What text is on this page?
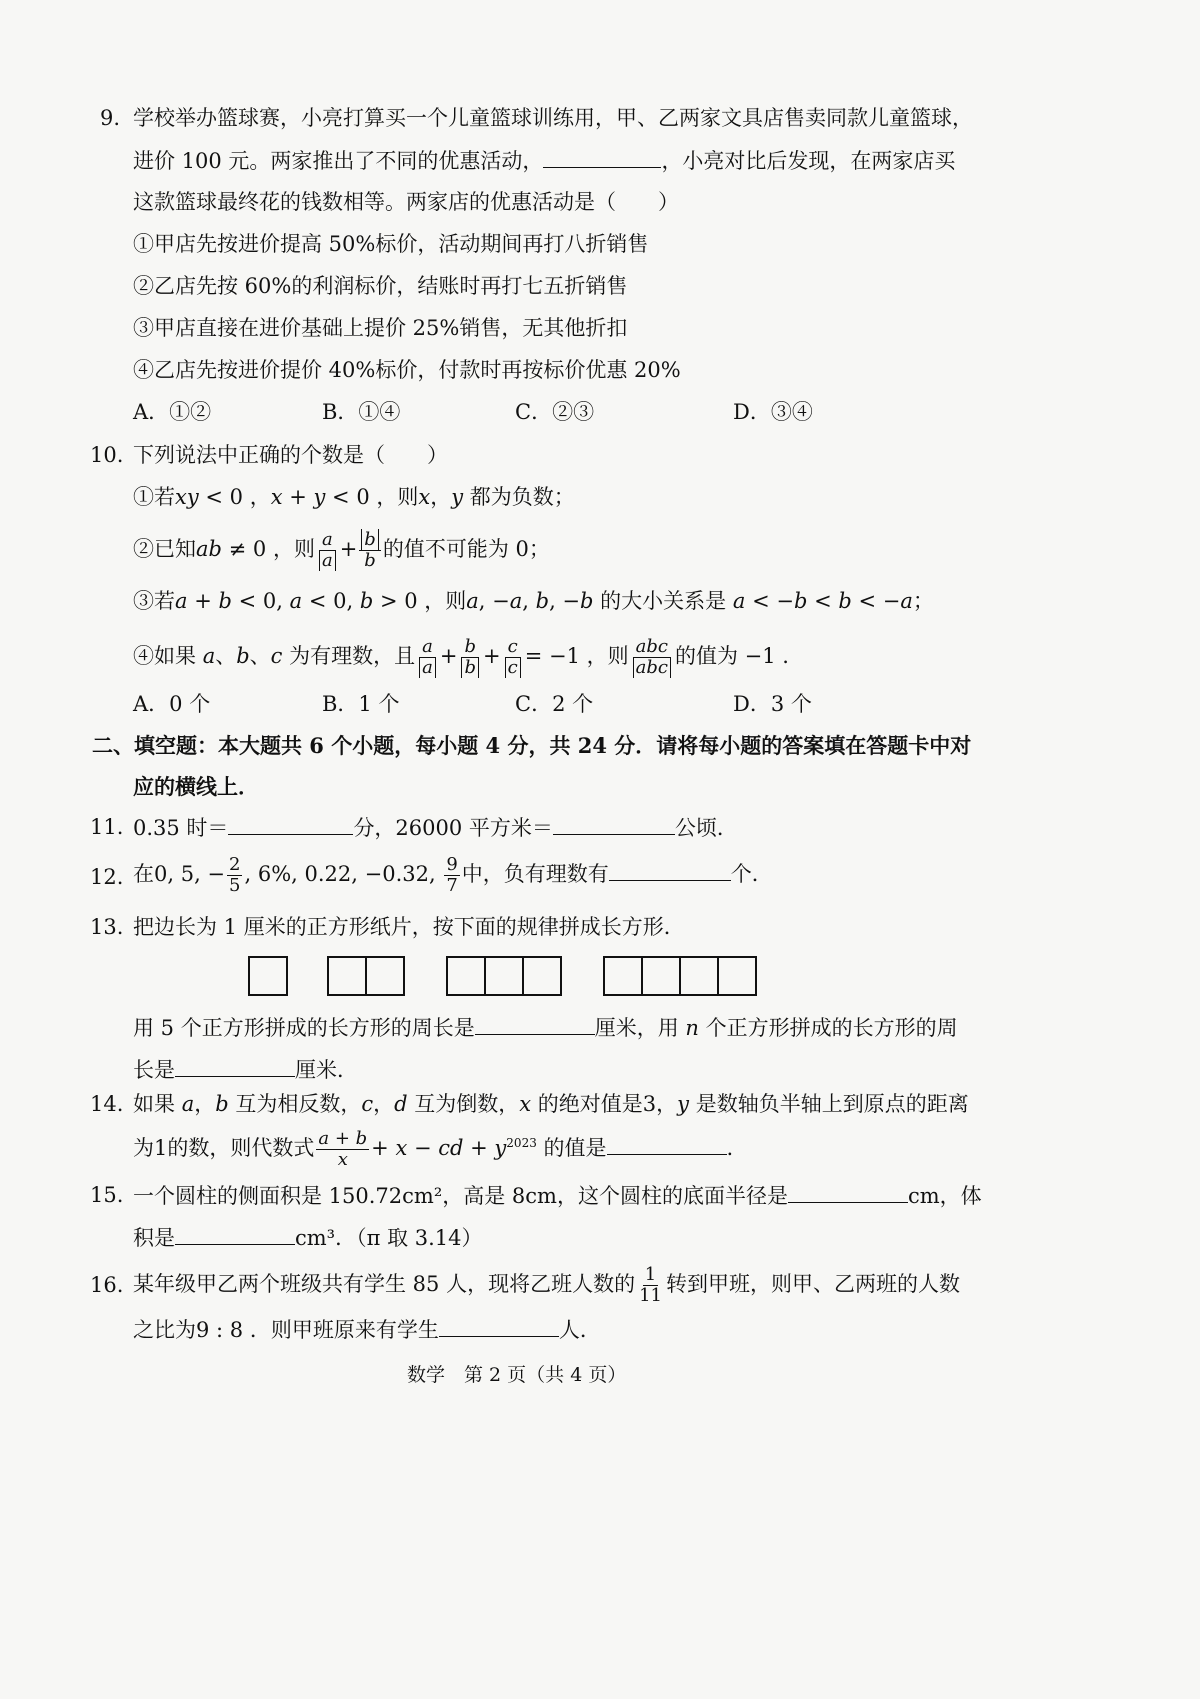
9. 学校举办篮球赛，小亮打算买一个儿童篮球训练用，甲、乙两家文具店售卖同款儿童篮球，
进价 100 元。两家推出了不同的优惠活动，	，小亮对比后发现，在两家店买
这款篮球最终花的钱数相等。两家店的优惠活动是（　　）
①甲店先按进价提高 50%标价，活动期间再打八折销售
②乙店先按 60%的利润标价，结账时再打七五折销售
③甲店直接在进价基础上提价 25%销售，无其他折扣
④乙店先按进价提价 40%标价，付款时再按标价优惠 20%
A．①②	B．①④	C．②③	D．③④
10. 下列说法中正确的个数是（　　）
①若xy < 0 ，x + y < 0 ，则x，y 都为负数；
②已知ab ≠ 0 ，则 $\frac{a}{a} + \frac{b}{b}$ 的值不可能为 0；
③若a + b < 0, a < 0, b > 0 ，则a, −a, b, −b 的大小关系是 a < −b < b < −a；
④如果 a、b、c 为有理数，且 $\frac{a}{a} + \frac{b}{b} + \frac{c}{c} = -1$ ，则 $\frac{\text{abc}}{\text{abc}}$ 的值为 −1 .
A．0 个	B．1 个	C．2 个	D．3 个
二、填空题：本大题共 6 个小题，每小题 4 分，共 24 分．请将每小题的答案填在答题卡中对
应的横线上．
11. 0.35 时＝	分，26000 平方米＝	公顷．
12. 在0, 5, − $\frac{2}{5}$ , 6%, 0.22, −0.32, $\frac{9}{7}$ 中，负有理数有	个．
13. 把边长为 1 厘米的正方形纸片，按下面的规律拼成长方形．
用 5 个正方形拼成的长方形的周长是	厘米，用 n 个正方形拼成的长方形的周
长是	厘米．
14. 如果 a，b 互为相反数，c，d 互为倒数，x 的绝对值是3，y 是数轴负半轴上到原点的距离
为1的数，则代数式 $\frac{a + b}{x} + x$ − cd + $y^{2023}$ 的值是	.
15. 一个圆柱的侧面积是 150.72cm²，高是 8cm，这个圆柱的底面半径是	cm，体
积是	cm³．（π 取 3.14）
16. 某年级甲乙两个班级共有学生 85 人，现将乙班人数的 $\frac{1}{11}$ 转到甲班，则甲、乙两班的人数
之比为9 : 8 ．则甲班原来有学生	人．
数学　第 2 页（共 4 页）
